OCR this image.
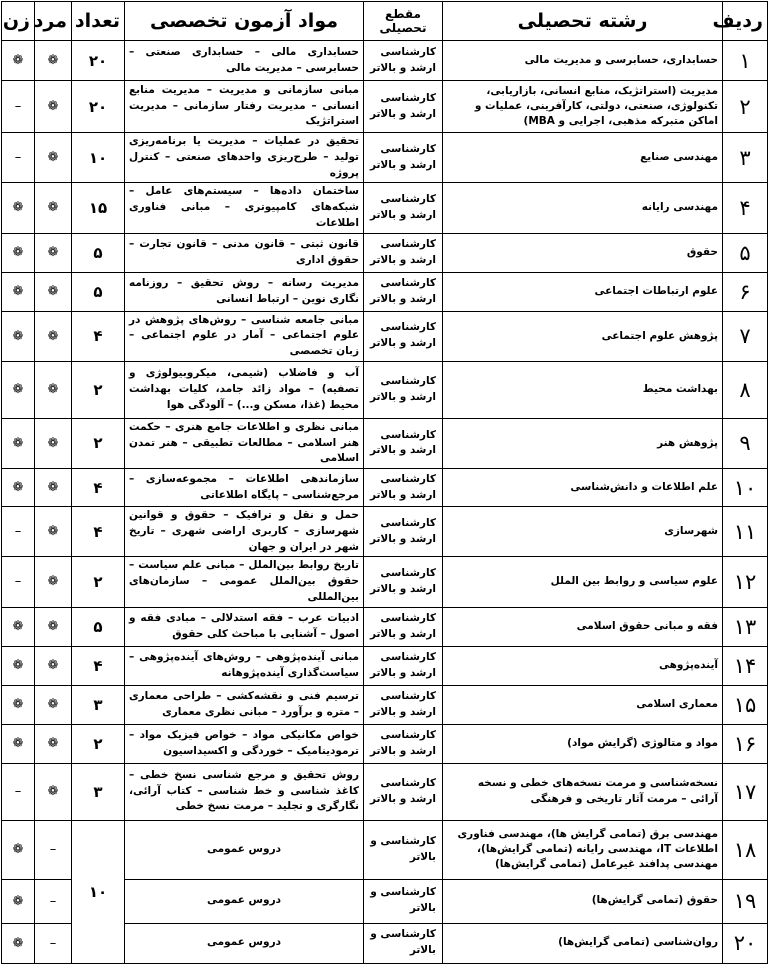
ردیف	رشته تحصیلی	مقطع تحصیلی	مواد آزمون تخصصی	تعداد	مرد	زن
۱	حسابداری، حسابرسی و مدیریت مالی	کارشناسی ارشد و بالاتر	حسابداری مالی – حسابداری صنعتی – حسابرسی – مدیریت مالی	۲۰	❁	❁
۲	مدیریت (استراتژیک، منابع انسانی، بازاریابی، تکنولوژی، صنعتی، دولتی، کارآفرینی، عملیات و اماکن متبرکه مذهبی، اجرایی و MBA)	کارشناسی ارشد و بالاتر	مبانی سازمانی و مدیریت – مدیریت منابع انسانی – مدیریت رفتار سازمانی – مدیریت استراتژیک	۲۰	❁	–
۳	مهندسی صنایع	کارشناسی ارشد و بالاتر	تحقیق در عملیات – مدیریت یا برنامه‌ریزی تولید – طرح‌ریزی واحدهای صنعتی – کنترل پروژه	۱۰	❁	–
۴	مهندسی رایانه	کارشناسی ارشد و بالاتر	ساختمان داده‌ها – سیستم‌های عامل – شبکه‌های کامپیوتری – مبانی فناوری اطلاعات	۱۵	❁	❁
۵	حقوق	کارشناسی ارشد و بالاتر	قانون ثبتی – قانون مدنی – قانون تجارت – حقوق اداری	۵	❁	❁
۶	علوم ارتباطات اجتماعی	کارشناسی ارشد و بالاتر	مدیریت رسانه – روش تحقیق – روزنامه نگاری نوین – ارتباط انسانی	۵	❁	❁
۷	پژوهش علوم اجتماعی	کارشناسی ارشد و بالاتر	مبانی جامعه شناسی – روش‌های پژوهش در علوم اجتماعی – آمار در علوم اجتماعی – زبان تخصصی	۴	❁	❁
۸	بهداشت محیط	کارشناسی ارشد و بالاتر	آب و فاضلاب (شیمی، میکروبیولوژی و تصفیه) – مواد زائد جامد، کلیات بهداشت محیط (غذا، مسکن و...) – آلودگی هوا	۲	❁	❁
۹	پژوهش هنر	کارشناسی ارشد و بالاتر	مبانی نظری و اطلاعات جامع هنری – حکمت هنر اسلامی – مطالعات تطبیقی – هنر تمدن اسلامی	۲	❁	❁
۱۰	علم اطلاعات و دانش‌شناسی	کارشناسی ارشد و بالاتر	سازماندهی اطلاعات – مجموعه‌سازی – مرجع‌شناسی – پایگاه اطلاعاتی	۴	❁	❁
۱۱	شهرسازی	کارشناسی ارشد و بالاتر	حمل و نقل و ترافیک – حقوق و قوانین شهرسازی – کاربری اراضی شهری – تاریخ شهر در ایران و جهان	۴	❁	–
۱۲	علوم سیاسی و روابط بین الملل	کارشناسی ارشد و بالاتر	تاریخ روابط بین‌الملل – مبانی علم سیاست – حقوق بین‌الملل عمومی – سازمان‌های بین‌المللی	۲	❁	–
۱۳	فقه و مبانی حقوق اسلامی	کارشناسی ارشد و بالاتر	ادبیات عرب – فقه استدلالی – مبادی فقه و اصول – آشنایی با مباحث کلی حقوق	۵	❁	❁
۱۴	آینده‌پژوهی	کارشناسی ارشد و بالاتر	مبانی آینده‌پژوهی – روش‌های آینده‌پژوهی – سیاست‌گذاری آینده‌پژوهانه	۴	❁	❁
۱۵	معماری اسلامی	کارشناسی ارشد و بالاتر	ترسیم فنی و نقشه‌کشی – طراحی معماری – متره و برآورد – مبانی نظری معماری	۳	❁	❁
۱۶	مواد و متالوژی (گرایش مواد)	کارشناسی ارشد و بالاتر	خواص مکانیکی مواد – خواص فیزیک مواد – ترمودینامیک – خوردگی و اکسیداسیون	۲	❁	❁
۱۷	نسخه‌شناسی و مرمت نسخه‌های خطی و نسخه آرائی – مرمت آثار تاریخی و فرهنگی	کارشناسی ارشد و بالاتر	روش تحقیق و مرجع شناسی نسخ خطی – کاغذ شناسی و خط شناسی – کتاب آرائی، نگارگری و تجلید – مرمت نسخ خطی	۳	❁	–
۱۸	مهندسی برق (تمامی گرایش ها)، مهندسی فناوری اطلاعات IT، مهندسی رایانه (تمامی گرایش‌ها)، مهندسی پدافند غیرعامل (تمامی گرایش‌ها)	کارشناسی و بالاتر	دروس عمومی	۱۰	–	❁
۱۹	حقوق (تمامی گرایش‌ها)	کارشناسی و بالاتر	دروس عمومی		–	❁
۲۰	روان‌شناسی (تمامی گرایش‌ها)	کارشناسی و بالاتر	دروس عمومی		–	❁
